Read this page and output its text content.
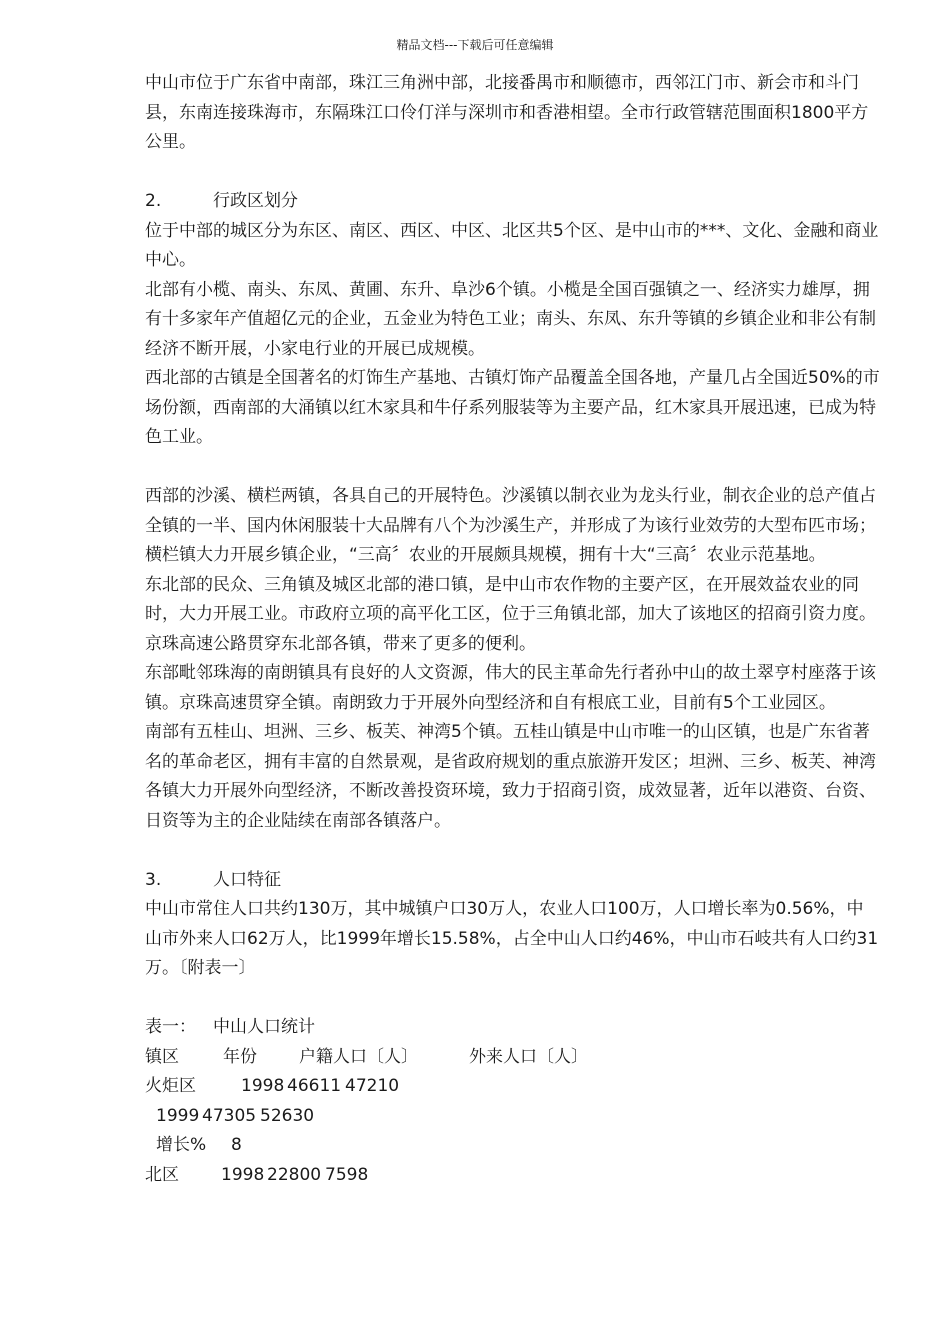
精品文档---下载后可任意编辑

中山市位于广东省中南部，珠江三角洲中部，北接番禺市和顺德市，西邻江门市、新会市和斗门县，东南连接珠海市，东隔珠江口伶仃洋与深圳市和香港相望。全市行政管辖范围面积1800平方公里。

2.	行政区划分

位于中部的城区分为东区、南区、西区、中区、北区共5个区、是中山市的***、文化、金融和商业中心。

北部有小榄、南头、东凤、黄圃、东升、阜沙6个镇。小榄是全国百强镇之一、经济实力雄厚，拥有十多家年产值超亿元的企业，五金业为特色工业；南头、东凤、东升等镇的乡镇企业和非公有制经济不断开展，小家电行业的开展已成规模。

西北部的古镇是全国著名的灯饰生产基地、古镇灯饰产品覆盖全国各地，产量几占全国近50%的市场份额，西南部的大涌镇以红木家具和牛仔系列服装等为主要产品，红木家具开展迅速，已成为特色工业。

西部的沙溪、横栏两镇，各具自己的开展特色。沙溪镇以制衣业为龙头行业，制衣企业的总产值占全镇的一半、国内休闲服装十大品牌有八个为沙溪生产，并形成了为该行业效劳的大型布匹市场；横栏镇大力开展乡镇企业，“三高〞农业的开展颇具规模，拥有十大“三高〞农业示范基地。

东北部的民众、三角镇及城区北部的港口镇，是中山市农作物的主要产区，在开展效益农业的同时，大力开展工业。市政府立项的高平化工区，位于三角镇北部，加大了该地区的招商引资力度。京珠高速公路贯穿东北部各镇，带来了更多的便利。

东部毗邻珠海的南朗镇具有良好的人文资源，伟大的民主革命先行者孙中山的故土翠亨村座落于该镇。京珠高速贯穿全镇。南朗致力于开展外向型经济和自有根底工业，目前有5个工业园区。

南部有五桂山、坦洲、三乡、板芙、神湾5个镇。五桂山镇是中山市唯一的山区镇，也是广东省著名的革命老区，拥有丰富的自然景观，是省政府规划的重点旅游开发区；坦洲、三乡、板芙、神湾各镇大力开展外向型经济，不断改善投资环境，致力于招商引资，成效显著，近年以港资、台资、日资等为主的企业陆续在南部各镇落户。

3.	人口特征

中山市常住人口共约130万，其中城镇户口30万人，农业人口100万，人口增长率为0.56%，中山市外来人口62万人，比1999年增长15.58%，占全中山人口约46%，中山市石岐共有人口约31万。〔附表一〕

表一： 中山人口统计

镇区	年份 户籍人口〔人〕	外来人口〔人〕

火炬区	1998 46611 47210

1999 47305 52630

增长% 8

北区 1998 22800 7598
